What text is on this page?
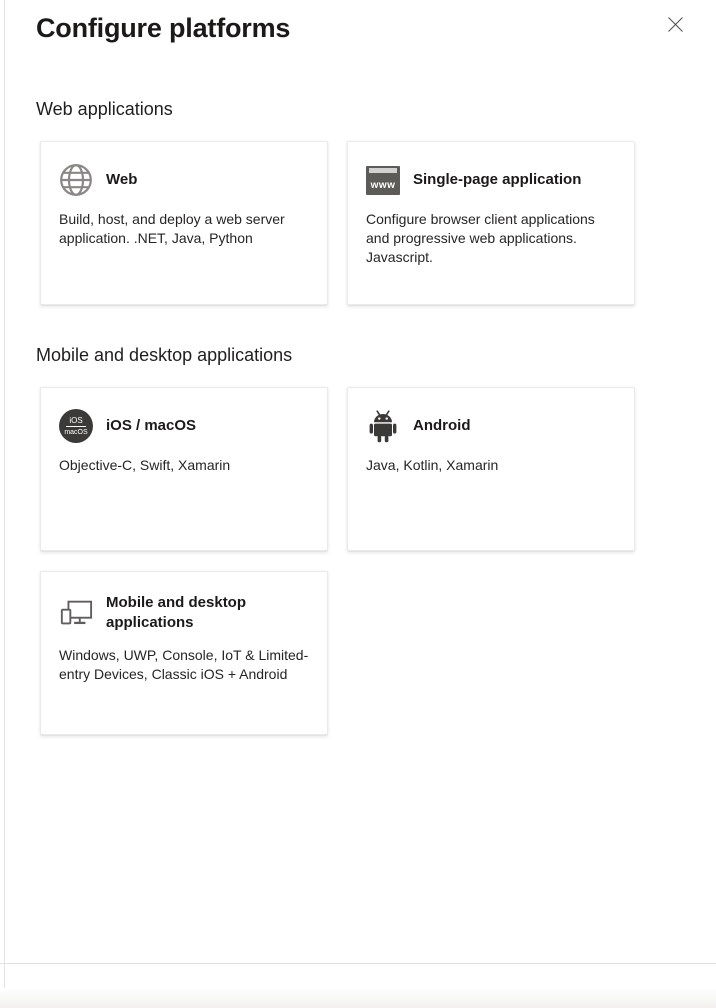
Configure platforms
Web applications
Web
Build, host, and deploy a web server application. .NET, Java, Python
www	Single-page application
Configure browser client applications and progressive web applications. Javascript.
Mobile and desktop applications
iOS
macOS iOS / macOS
Objective-C, Swift, Xamarin
Android
Java, Kotlin, Xamarin
Mobile and desktop applications
Windows, UWP, Console, IoT & Limited-entry Devices, Classic iOS + Android
